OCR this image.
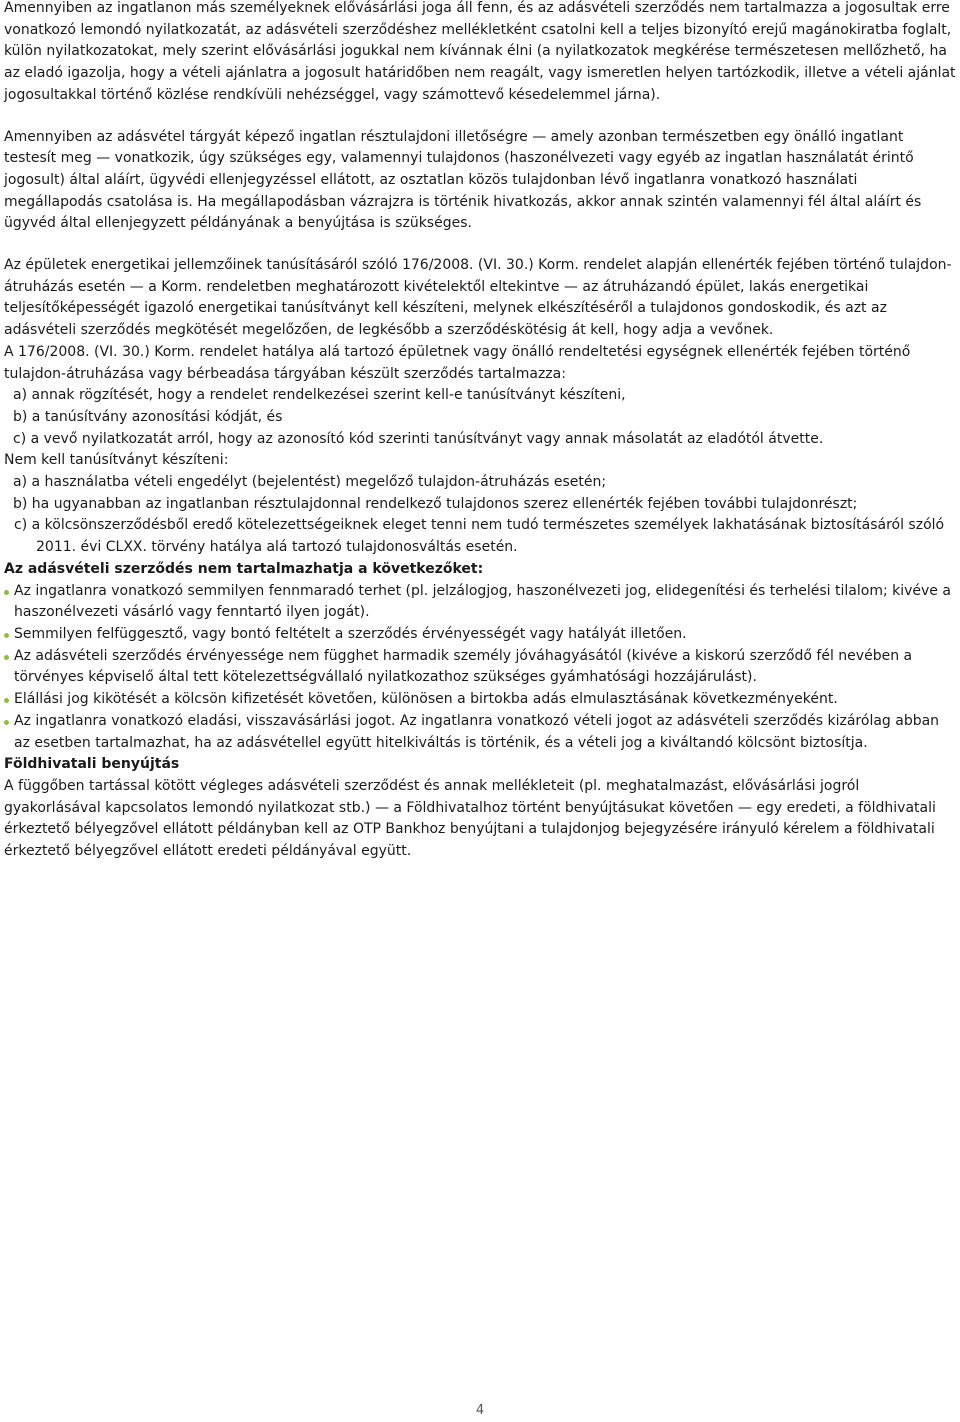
Amennyiben az ingatlanon más személyeknek elővásárlási joga áll fenn, és az adásvételi szerződés nem tartalmazza a jogosultak erre vonatkozó lemondó nyilatkozatát, az adásvételi szerződéshez mellékletként csatolni kell a teljes bizonyító erejű magánokiratba foglalt, külön nyilatkozatokat, mely szerint elővásárlási jogukkal nem kívánnak élni (a nyilatkozatok megkérése természetesen mellőzhető, ha az eladó igazolja, hogy a vételi ajánlatra a jogosult határidőben nem reagált, vagy ismeretlen helyen tartózkodik, illetve a vételi ajánlat jogosultakkal történő közlése rendkívüli nehézséggel, vagy számottevő késedelemmel járna).

Amennyiben az adásvétel tárgyát képező ingatlan résztulajdoni illetőségre — amely azonban természetben egy önálló ingatlant testesít meg — vonatkozik, úgy szükséges egy, valamennyi tulajdonos (haszonélvezeti vagy egyéb az ingatlan használatát érintő jogosult) által aláírt, ügyvédi ellenjegyzéssel ellátott, az osztatlan közös tulajdonban lévő ingatlanra vonatkozó használati megállapodás csatolása is. Ha megállapodásban vázrajzra is történik hivatkozás, akkor annak szintén valamennyi fél által aláírt és ügyvéd által ellenjegyzett példányának a benyújtása is szükséges.

Az épületek energetikai jellemzőinek tanúsításáról szóló 176/2008. (VI. 30.) Korm. rendelet alapján ellenérték fejében történő tulajdon-átruházás esetén — a Korm. rendeletben meghatározott kivételektől eltekintve — az átruházandó épület, lakás energetikai teljesítőképességét igazoló energetikai tanúsítványt kell készíteni, melynek elkészítéséről a tulajdonos gondoskodik, és azt az adásvételi szerződés megkötését megelőzően, de legkésőbb a szerződéskötésig át kell, hogy adja a vevőnek.

A 176/2008. (VI. 30.) Korm. rendelet hatálya alá tartozó épületnek vagy önálló rendeltetési egységnek ellenérték fejében történő tulajdon-átruházása vagy bérbeadása tárgyában készült szerződés tartalmazza:

a) annak rögzítését, hogy a rendelet rendelkezései szerint kell-e tanúsítványt készíteni,
b) a tanúsítvány azonosítási kódját, és
c) a vevő nyilatkozatát arról, hogy az azonosító kód szerinti tanúsítványt vagy annak másolatát az eladótól átvette.

Nem kell tanúsítványt készíteni:

a) a használatba vételi engedélyt (bejelentést) megelőző tulajdon-átruházás esetén;
b) ha ugyanabban az ingatlanban résztulajdonnal rendelkező tulajdonos szerez ellenérték fejében további tulajdonrészt;
c) a kölcsönszerződésből eredő kötelezettségeiknek eleget tenni nem tudó természetes személyek lakhatásának biztosításáról szóló 2011. évi CLXX. törvény hatálya alá tartozó tulajdonosváltás esetén.

Az adásvételi szerződés nem tartalmazhatja a következőket:

Az ingatlanra vonatkozó semmilyen fennmaradó terhet (pl. jelzálogjog, haszonélvezeti jog, elidegenítési és terhelési tilalom; kivéve a haszonélvezeti vásárló vagy fenntartó ilyen jogát).
Semmilyen felfüggesztő, vagy bontó feltételt a szerződés érvényességét vagy hatályát illetően.
Az adásvételi szerződés érvényessége nem függhet harmadik személy jóváhagyásától (kivéve a kiskorú szerződő fél nevében a törvényes képviselő által tett kötelezettségvállaló nyilatkozathoz szükséges gyámhatósági hozzájárulást).
Elállási jog kikötését a kölcsön kifizetését követően, különösen a birtokba adás elmulasztásának következményeként.
Az ingatlanra vonatkozó eladási, visszavásárlási jogot. Az ingatlanra vonatkozó vételi jogot az adásvételi szerződés kizárólag abban az esetben tartalmazhat, ha az adásvétellel együtt hitelkiváltás is történik, és a vételi jog a kiváltandó kölcsönt biztosítja.

Földhivatali benyújtás

A függőben tartással kötött végleges adásvételi szerződést és annak mellékleteit (pl. meghatalmazást, elővásárlási jogról gyakorlásával kapcsolatos lemondó nyilatkozat stb.) — a Földhivatalhoz történt benyújtásukat követően — egy eredeti, a földhivatali érkeztető bélyegzővel ellátott példányban kell az OTP Bankhoz benyújtani a tulajdonjog bejegyzésére irányuló kérelem a földhivatali érkeztető bélyegzővel ellátott eredeti példányával együtt.

4
